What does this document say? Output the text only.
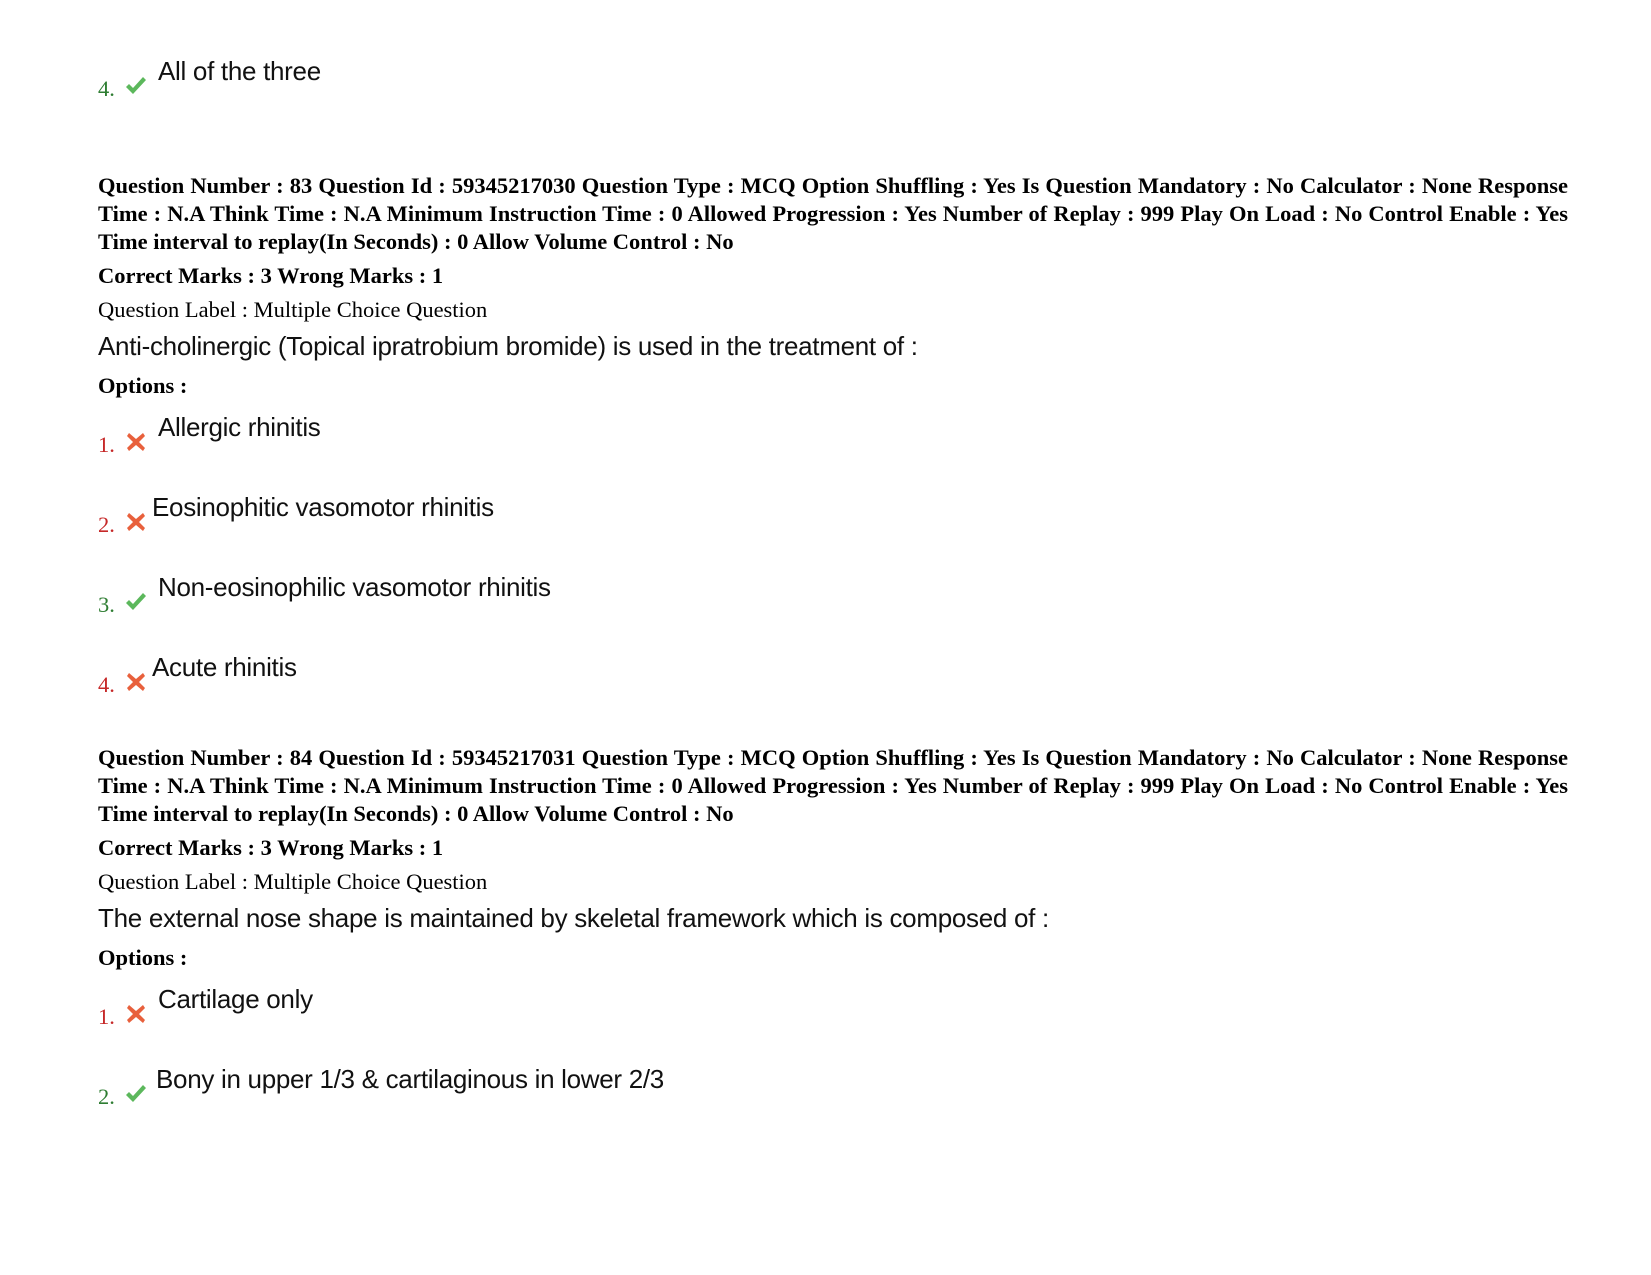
4.
All of the three

Question Number : 83 Question Id : 59345217030 Question Type : MCQ Option Shuffling : Yes Is Question Mandatory : No Calculator : None Response Time : N.A Think Time : N.A Minimum Instruction Time : 0 Allowed Progression : Yes Number of Replay : 999 Play On Load : No Control Enable : Yes Time interval to replay(In Seconds) : 0 Allow Volume Control : No

Correct Marks : 3 Wrong Marks : 1
Question Label : Multiple Choice Question
Anti-cholinergic (Topical ipratrobium bromide) is used in the treatment of :
Options :
1.
Allergic rhinitis
2.
Eosinophitic vasomotor rhinitis
3.
Non-eosinophilic vasomotor rhinitis
4.
Acute rhinitis

Question Number : 84 Question Id : 59345217031 Question Type : MCQ Option Shuffling : Yes Is Question Mandatory : No Calculator : None Response Time : N.A Think Time : N.A Minimum Instruction Time : 0 Allowed Progression : Yes Number of Replay : 999 Play On Load : No Control Enable : Yes Time interval to replay(In Seconds) : 0 Allow Volume Control : No

Correct Marks : 3 Wrong Marks : 1
Question Label : Multiple Choice Question
The external nose shape is maintained by skeletal framework which is composed of :
Options :
1.
Cartilage only
2.
Bony in upper 1/3 & cartilaginous in lower 2/3
